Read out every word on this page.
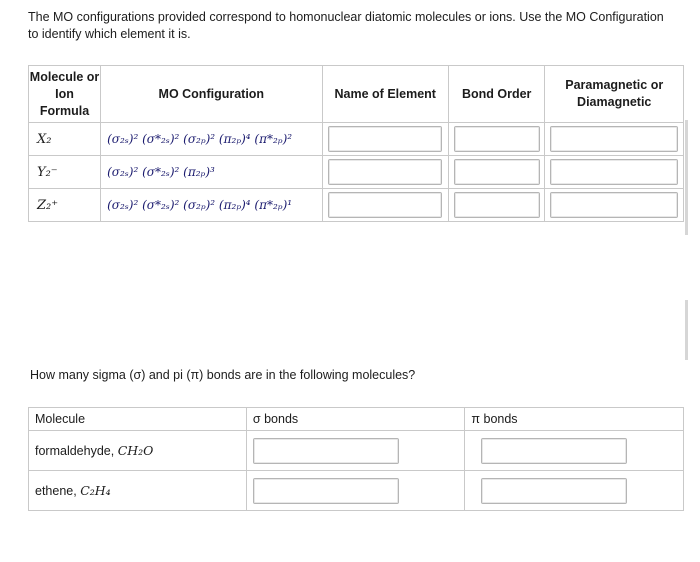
The MO configurations provided correspond to homonuclear diatomic molecules or ions. Use the MO Configuration to identify which element it is.
Molecule or Ion Formula	MO Configuration	Name of Element	Bond Order	Paramagnetic or Diamagnetic
X₂	(σ₂ₛ)² (σ*₂ₛ)² (σ₂ₚ)² (π₂ₚ)⁴ (π*₂ₚ)²	

Y₂⁻	(σ₂ₛ)² (σ*₂ₛ)² (π₂ₚ)³	

Z₂⁺	(σ₂ₛ)² (σ*₂ₛ)² (σ₂ₚ)² (π₂ₚ)⁴ (π*₂ₚ)¹	

How many sigma (σ) and pi (π) bonds are in the following molecules?
Molecule	σ bonds	π bonds
formaldehyde, CH₂O	

ethene, C₂H₄	
